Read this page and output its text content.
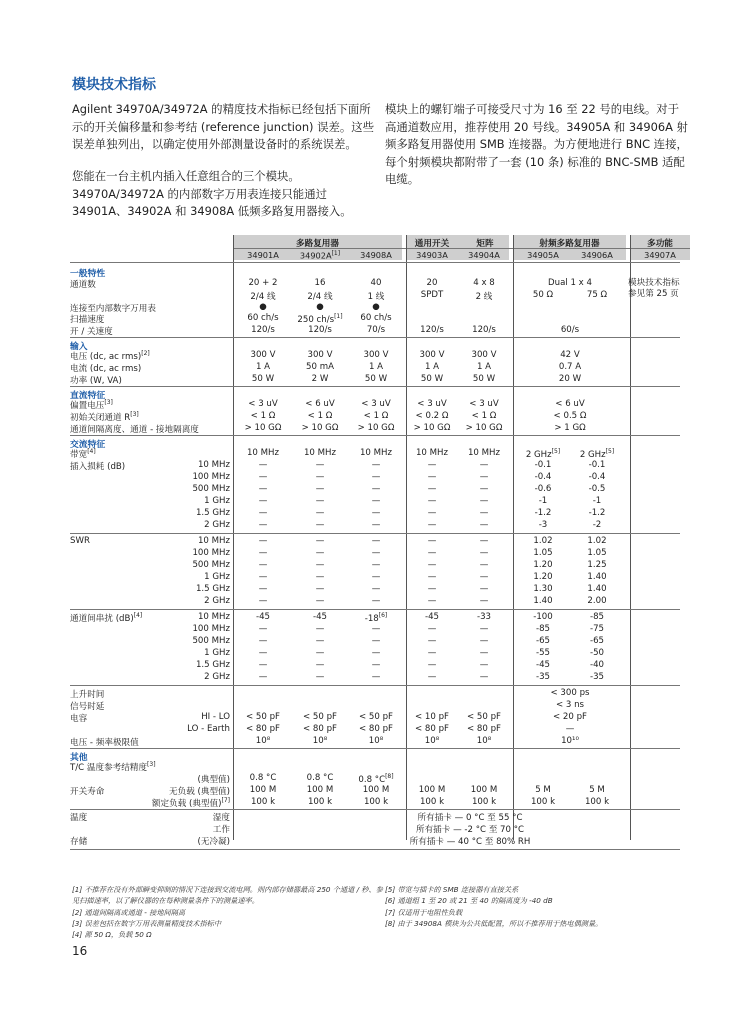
模块技术指标
Agilent 34970A/34972A 的精度技术指标已经包括下面所示的开关偏移量和参考结 (reference junction) 误差。这些误差单独列出，以确定使用外部测量设备时的系统误差。
您能在一台主机内插入任意组合的三个模块。34970A/34972A 的内部数字万用表连接只能通过 34901A、34902A 和 34908A 低频多路复用器接入。
模块上的螺钉端子可接受尺寸为 16 至 22 号的电线。对于高通道数应用，推荐使用 20 号线。34905A 和 34906A 射频多路复用器使用 SMB 连接器。为方便地进行 BNC 连接，每个射频模块都附带了一套 (10 条) 标准的 BNC-SMB 适配电缆。
多路复用器	通用开关	矩阵	射频多路复用器	多功能
34901A	34902A[1]	34908A	34903A	34904A	34905A	34906A	34907A
一般特性
通道数	20 + 2	16	40	20	4 x 8	Dual 1 x 4
2/4 线	2/4 线	1 线	SPDT	2 线	50 Ω	75 Ω
模块技术指标参见第 25 页
连接至内部数字万用表	●	●	●
扫描速度	60 ch/s	250 ch/s[1]	60 ch/s
开 / 关速度	120/s	120/s	70/s	120/s	120/s	60/s
输入
电压 (dc, ac rms)[2]	300 V	300 V	300 V	300 V	300 V	42 V
电流 (dc, ac rms)	1 A	50 mA	1 A	1 A	1 A	0.7 A
功率 (W, VA)	50 W	2 W	50 W	50 W	50 W	20 W
直流特征
偏置电压[3]	< 3 uV	< 6 uV	< 3 uV	< 3 uV	< 3 uV	< 6 uV
初始关闭通道 R[3]	< 1 Ω	< 1 Ω	< 1 Ω	< 0.2 Ω	< 1 Ω	< 0.5 Ω
通道间隔离度、通道 - 接地隔离度	> 10 GΩ	> 10 GΩ	> 10 GΩ	> 10 GΩ	> 10 GΩ	> 1 GΩ
交流特征
带宽[4]	10 MHz	10 MHz	10 MHz	10 MHz	10 MHz	2 GHz[5]	2 GHz[5]
插入损耗 (dB)	10 MHz	—	—	—	—	—	-0.1	-0.1
100 MHz	—	—	—	—	—	-0.4	-0.4
500 MHz	—	—	—	—	—	-0.6	-0.5
1 GHz	—	—	—	—	—	-1	-1
1.5 GHz	—	—	—	—	—	-1.2	-1.2
2 GHz	—	—	—	—	—	-3	-2
SWR	10 MHz	—	—	—	—	—	1.02	1.02
100 MHz	—	—	—	—	—	1.05	1.05
500 MHz	—	—	—	—	—	1.20	1.25
1 GHz	—	—	—	—	—	1.20	1.40
1.5 GHz	—	—	—	—	—	1.30	1.40
2 GHz	—	—	—	—	—	1.40	2.00
通道间串扰 (dB)[4]	10 MHz	-45	-45	-18[6]	-45	-33	-100	-85
100 MHz	—	—	—	—	—	-85	-75
500 MHz	—	—	—	—	—	-65	-65
1 GHz	—	—	—	—	—	-55	-50
1.5 GHz	—	—	—	—	—	-45	-40
2 GHz	—	—	—	—	—	-35	-35
上升时间	< 300 ps
信号时延	< 3 ns
电容	HI - LO	< 50 pF	< 50 pF	< 50 pF	< 10 pF	< 50 pF	< 20 pF
LO - Earth	< 80 pF	< 80 pF	< 80 pF	< 80 pF	< 80 pF	—
电压 - 频率极限值	10⁸	10⁸	10⁸	10⁸	10⁸	10¹⁰
其他
T/C 温度参考结精度[3]
(典型值)	0.8 °C	0.8 °C	0.8 °C[8]
开关寿命	无负载 (典型值)	100 M	100 M	100 M	100 M	100 M	5 M	5 M
额定负载 (典型值)[7]	100 k	100 k	100 k	100 k	100 k	100 k	100 k
温度	湿度	所有插卡 — 0 °C 至 55 °C
工作	所有插卡 — -2 °C 至 70 °C
存储	(无冷凝)	所有插卡 — 40 °C 至 80% RH
[1] 不推荐在没有外部瞬变抑制的情况下连接到交流电网。则内部存储器最高 250 个通道 / 秒、参见扫描速率，以了解仪器的在每种测量条件下的测量速率。
[2] 通道间隔离或通道 - 接地间隔离
[3] 误差包括在数字万用表测量精度技术指标中
[4] 源 50 Ω，负载 50 Ω
[5] 带宽与插卡的 SMB 连接器有直接关系
[6] 通道组 1 至 20 或 21 至 40 的隔离度为 -40 dB
[7] 仅适用于电阻性负载
[8] 由于 34908A 模块为公共低配置，所以不推荐用于热电偶测量。
16
